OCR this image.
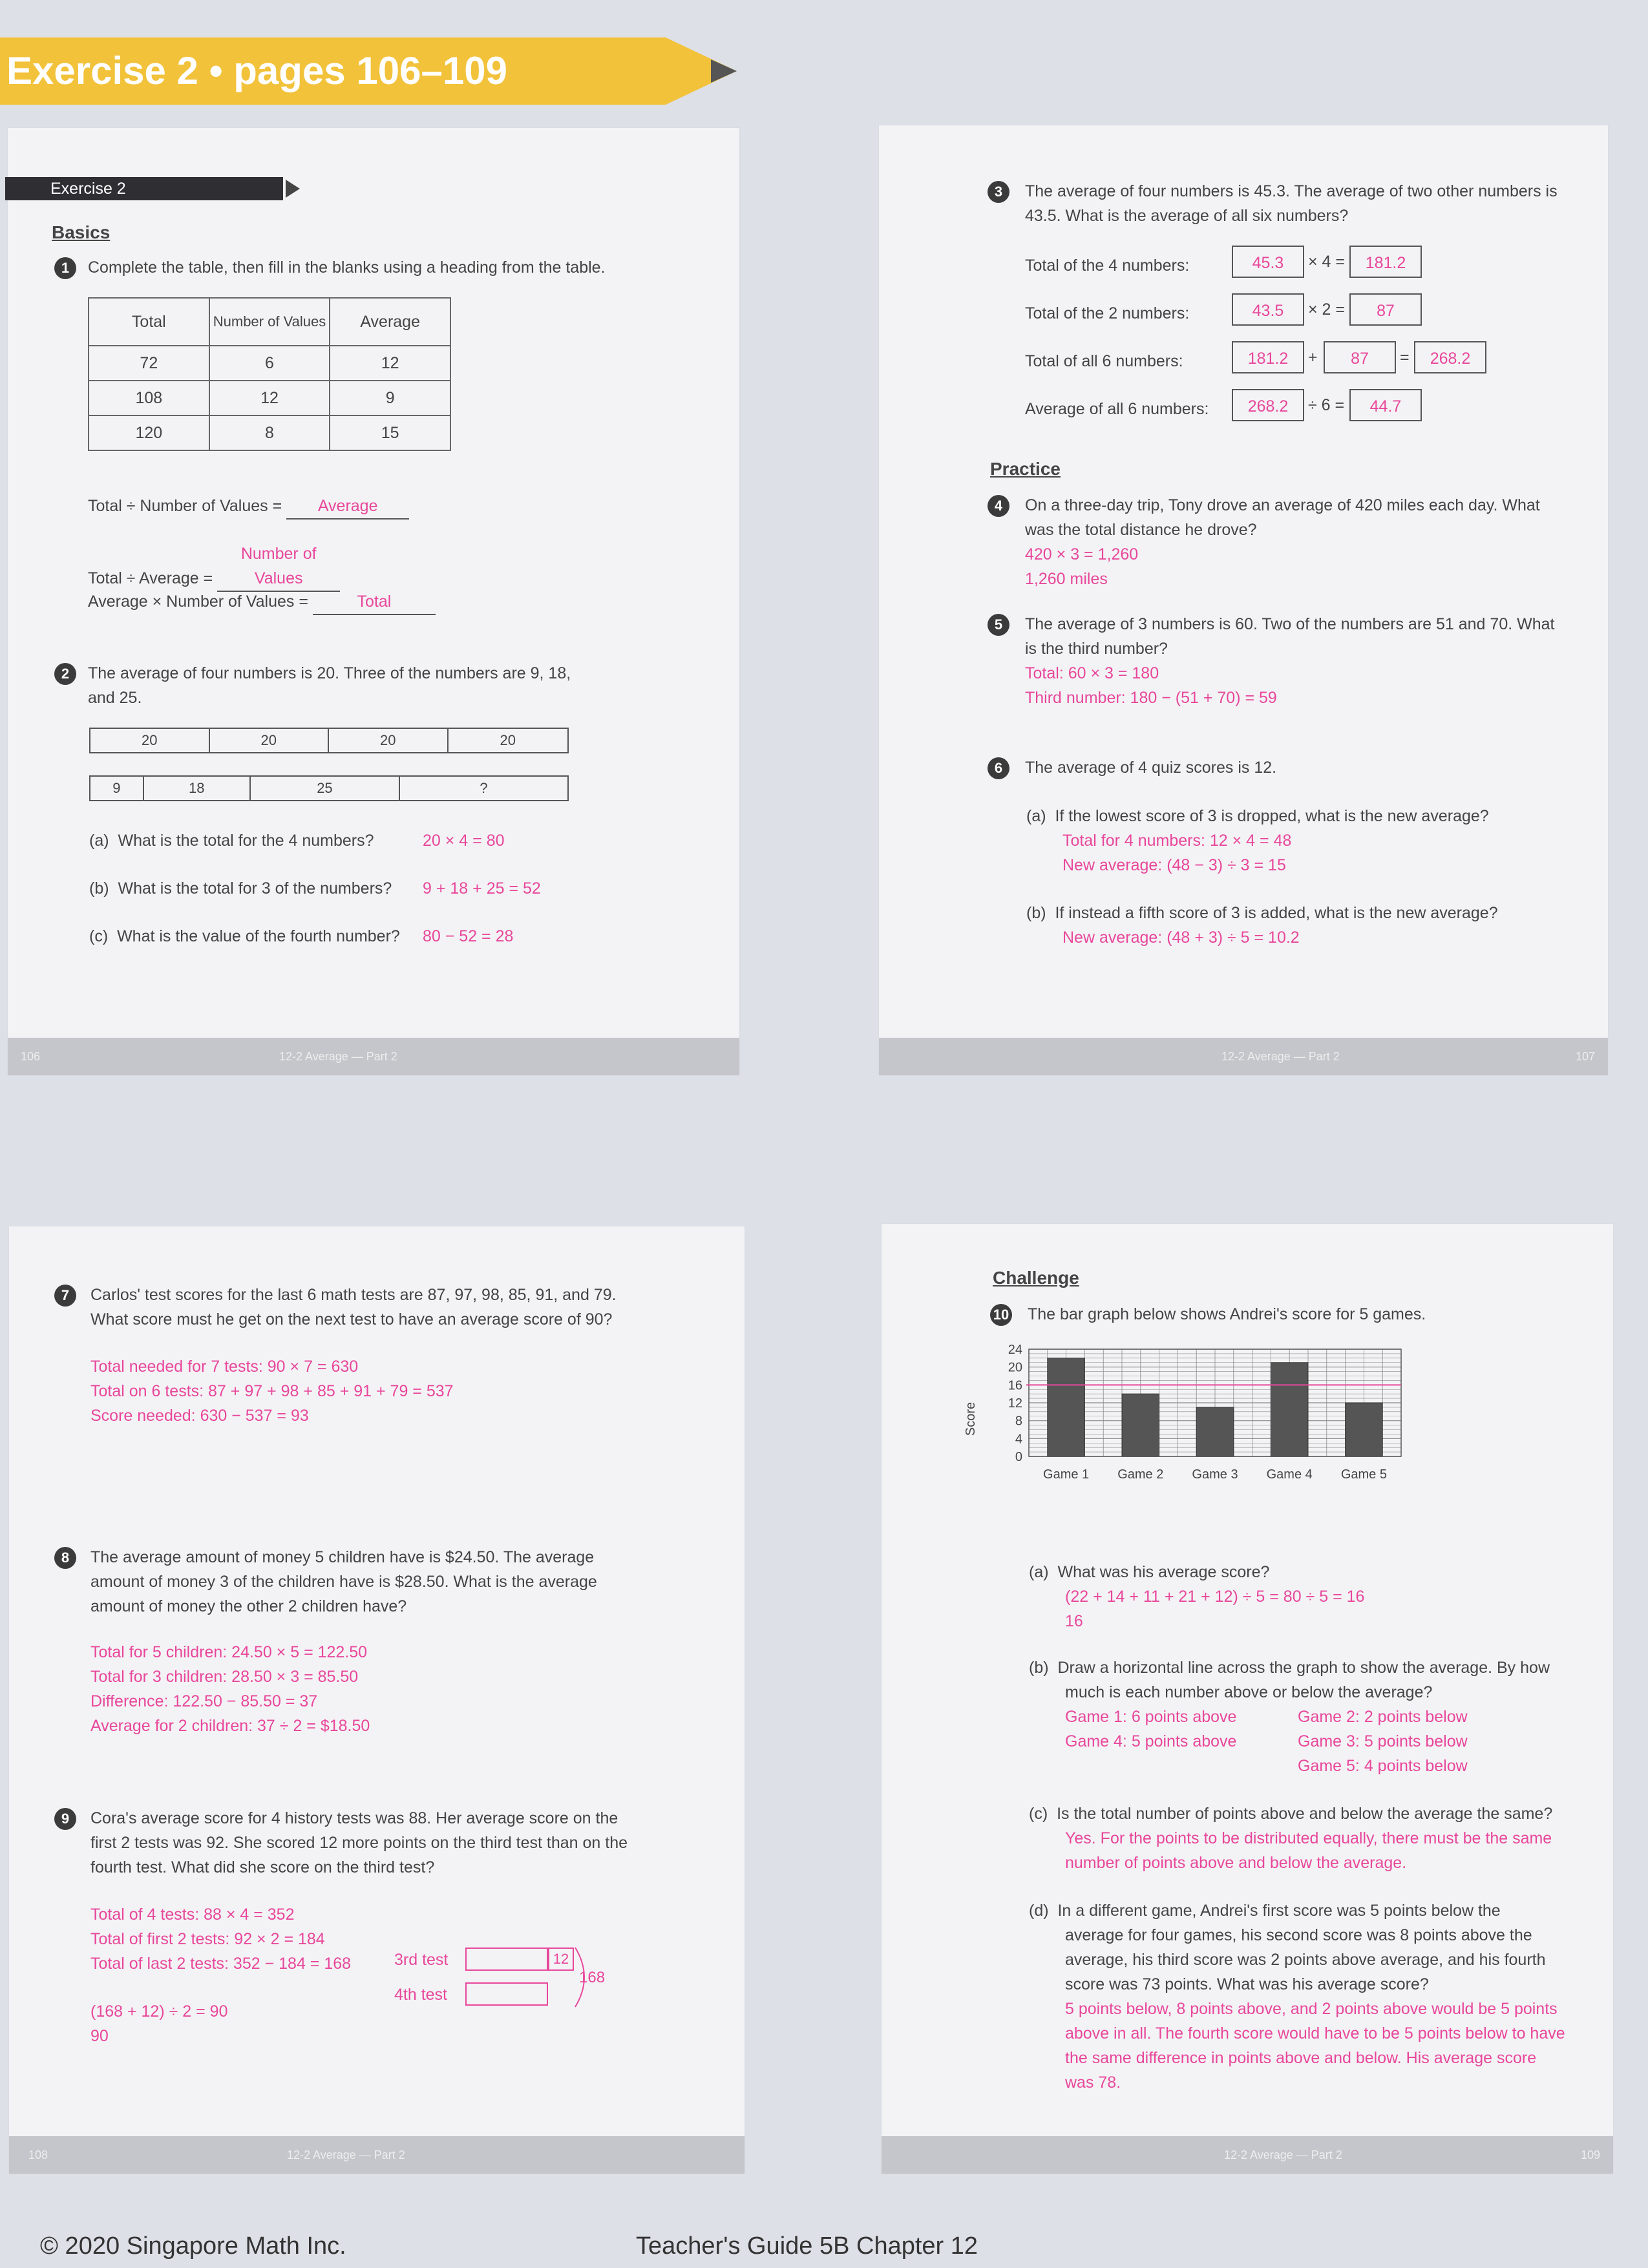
Exercise 2 • pages 106–109
Exercise 2
Basics
1	Complete the table, then fill in the blanks using a heading from the table.
Total	Number of Values	Average
72	6	12
108	12	9
120	8	15
Total ÷ Number of Values = Average
Total ÷ Average = Number of Values
Average × Number of Values =	Total
2	The average of four numbers is 20. Three of the numbers are 9, 18,
and 25.
20	20	20	20
9	18	25	?
(a) What is the total for the 4 numbers?	20 × 4 = 80
(b) What is the total for 3 of the numbers? 9 + 18 + 25 = 52
(c) What is the value of the fourth number? 80 − 52 = 28
106	12-2 Average — Part 2
3	The average of four numbers is 45.3. The average of two other numbers is
43.5. What is the average of all six numbers?
Total of the 4 numbers:	45.3	× 4 =	181.2
Total of the 2 numbers:	43.5	× 2 =	87
Total of all 6 numbers:	181.2	+	87	=	268.2
Average of all 6 numbers:	268.2	÷ 6 =	44.7
Practice
4	On a three-day trip, Tony drove an average of 420 miles each day. What
was the total distance he drove?
420 × 3 = 1,260
1,260 miles
5	The average of 3 numbers is 60. Two of the numbers are 51 and 70. What
is the third number?
Total: 60 × 3 = 180
Third number: 180 − (51 + 70) = 59
6	The average of 4 quiz scores is 12.
(a) If the lowest score of 3 is dropped, what is the new average?
Total for 4 numbers: 12 × 4 = 48
New average: (48 − 3) ÷ 3 = 15
(b) If instead a fifth score of 3 is added, what is the new average?
New average: (48 + 3) ÷ 5 = 10.2
12-2 Average — Part 2	107
7	Carlos' test scores for the last 6 math tests are 87, 97, 98, 85, 91, and 79.
What score must he get on the next test to have an average score of 90?
Total needed for 7 tests: 90 × 7 = 630
Total on 6 tests: 87 + 97 + 98 + 85 + 91 + 79 = 537
Score needed: 630 − 537 = 93
8	The average amount of money 5 children have is $24.50. The average
amount of money 3 of the children have is $28.50. What is the average
amount of money the other 2 children have?
Total for 5 children: 24.50 × 5 = 122.50
Total for 3 children: 28.50 × 3 = 85.50
Difference: 122.50 − 85.50 = 37
Average for 2 children: 37 ÷ 2 = $18.50
9	Cora's average score for 4 history tests was 88. Her average score on the
first 2 tests was 92. She scored 12 more points on the third test than on the
fourth test. What did she score on the third test?
Total of 4 tests: 88 × 4 = 352
Total of first 2 tests: 92 × 2 = 184
Total of last 2 tests: 352 − 184 = 168
(168 + 12) ÷ 2 = 90
90
3rd test	12
4th test
168
108	12-2 Average — Part 2
Challenge
10 The bar graph below shows Andrei's score for 5 games.
Score
0
4
8
12
16
20
24
Game 1 Game 2 Game 3 Game 4 Game 5
(a) What was his average score?
(22 + 14 + 11 + 21 + 12) ÷ 5 = 80 ÷ 5 = 16
16
(b) Draw a horizontal line across the graph to show the average. By how
much is each number above or below the average?
Game 1: 6 points above	Game 2: 2 points below
Game 4: 5 points above	Game 3: 5 points below
Game 5: 4 points below
(c) Is the total number of points above and below the average the same?
Yes. For the points to be distributed equally, there must be the same
number of points above and below the average.
(d) In a different game, Andrei's first score was 5 points below the
average for four games, his second score was 8 points above the
average, his third score was 2 points above average, and his fourth
score was 73 points. What was his average score?
5 points below, 8 points above, and 2 points above would be 5 points
above in all. The fourth score would have to be 5 points below to have
the same difference in points above and below. His average score
was 78.
12-2 Average — Part 2	109
© 2020 Singapore Math Inc.	Teacher's Guide 5B Chapter 12
